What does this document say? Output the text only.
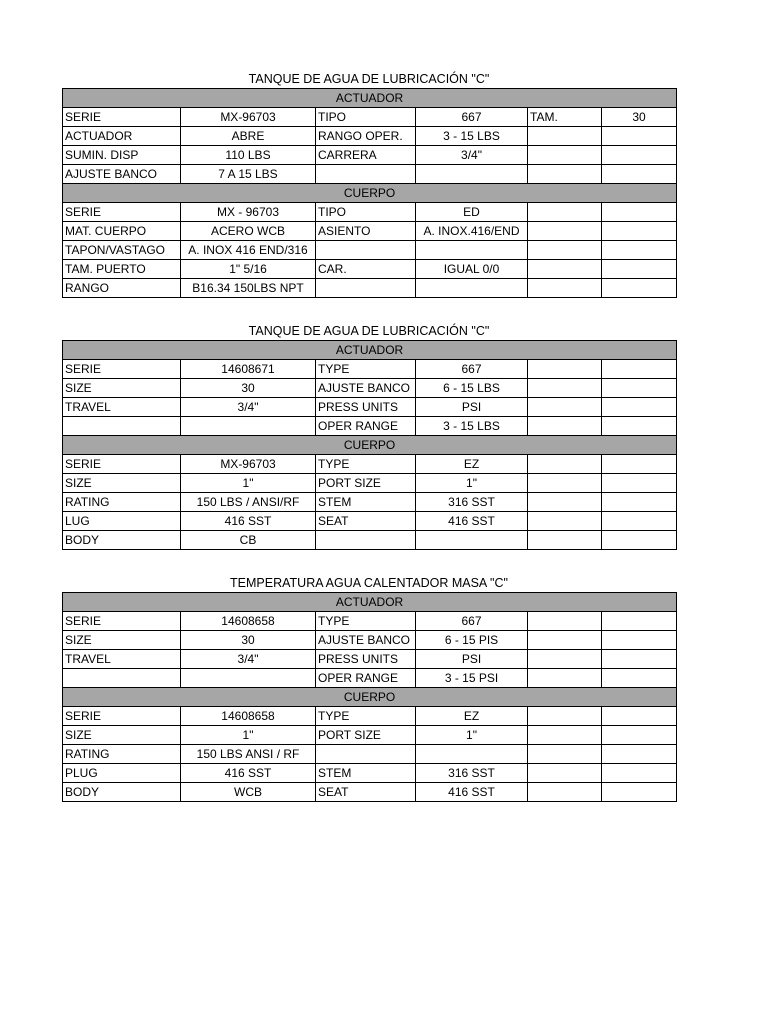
TANQUE DE AGUA DE LUBRICACIÓN "C"
ACTUADOR					
SERIE	MX-96703	TIPO	667	TAM.	30
ACTUADOR	ABRE	RANGO OPER.	3 - 15 LBS		
SUMIN. DISP	110 LBS	CARRERA	3/4"		
AJUSTE BANCO	7 A 15 LBS				
CUERPO					
SERIE	MX - 96703	TIPO	ED		
MAT. CUERPO	ACERO WCB	ASIENTO	A. INOX.416/END		
TAPON/VASTAGO	A. INOX 416 END/316				
TAM. PUERTO	1" 5/16	CAR.	IGUAL 0/0		
RANGO	B16.34 150LBS NPT				
TANQUE DE AGUA DE LUBRICACIÓN "C"
ACTUADOR					
SERIE	14608671	TYPE	667		
SIZE	30	AJUSTE BANCO	6 - 15 LBS		
TRAVEL	3/4"	PRESS UNITS	PSI		
		OPER RANGE	3 - 15 LBS		
CUERPO					
SERIE	MX-96703	TYPE	EZ		
SIZE	1"	PORT SIZE	1"		
RATING	150 LBS / ANSI/RF	STEM	316 SST		
LUG	416 SST	SEAT	416 SST		
BODY	CB				
TEMPERATURA AGUA CALENTADOR MASA "C"
ACTUADOR					
SERIE	14608658	TYPE	667		
SIZE	30	AJUSTE BANCO	6 - 15 PIS		
TRAVEL	3/4"	PRESS UNITS	PSI		
		OPER RANGE	3 - 15 PSI		
CUERPO					
SERIE	14608658	TYPE	EZ		
SIZE	1"	PORT SIZE	1"		
RATING	150 LBS ANSI / RF				
PLUG	416 SST	STEM	316 SST		
BODY	WCB	SEAT	416 SST		
